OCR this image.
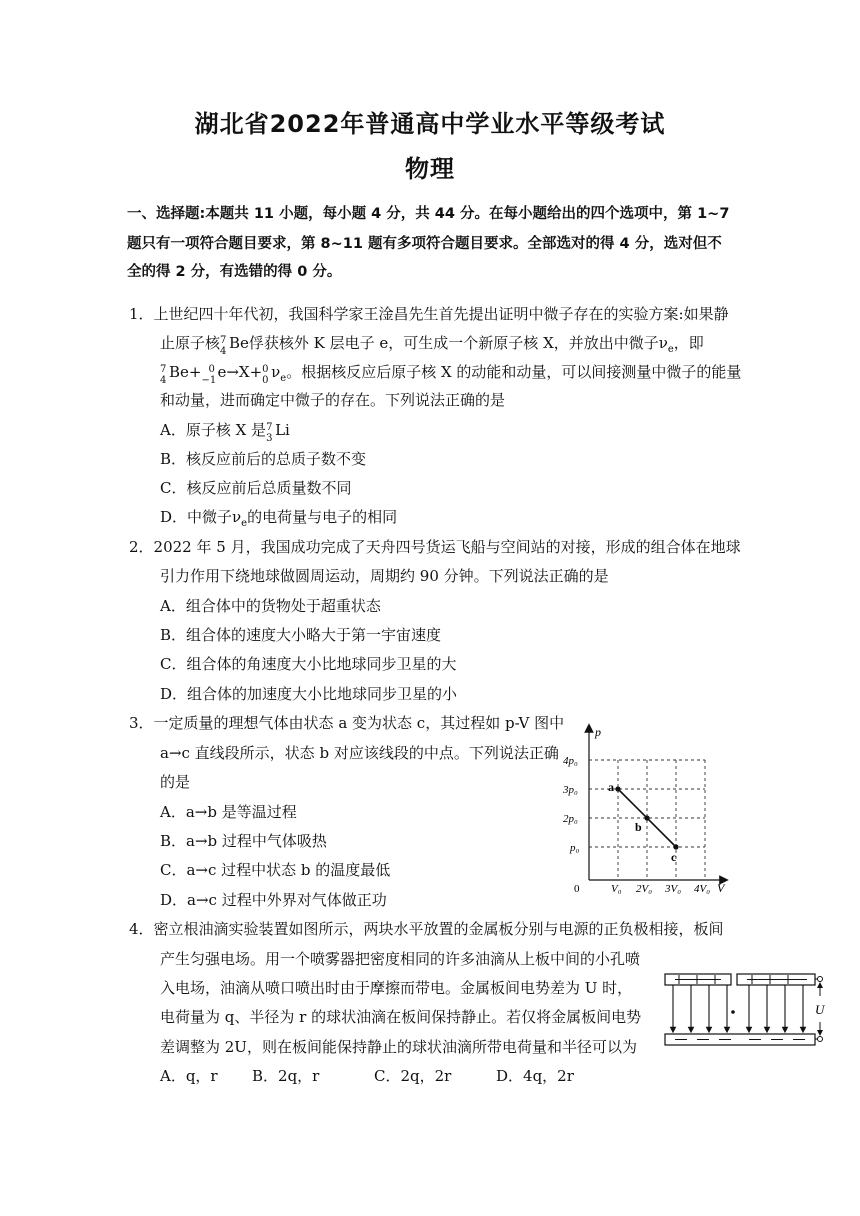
湖北省2022年普通高中学业水平等级考试
物理
一、选择题:本题共 11 小题，每小题 4 分，共 44 分。在每小题给出的四个选项中，第 1~7
题只有一项符合题目要求，第 8~11 题有多项符合题目要求。全部选对的得 4 分，选对但不
全的得 2 分，有选错的得 0 分。
1．上世纪四十年代初，我国科学家王淦昌先生首先提出证明中微子存在的实验方案:如果静
止原子核 7
4 Be俘获核外 K 层电子 e，可生成一个新原子核 X，并放出中微子$\nu_e$，即
7
4 Be+ 0
−1 e→X+ 0
0 $\nu_e$。根据核反应后原子核 X 的动能和动量，可以间接测量中微子的能量
和动量，进而确定中微子的存在。下列说法正确的是
A．原子核 X 是 7
3 Li
B．核反应前后的总质子数不变
C．核反应前后总质量数不同
D．中微子$\nu_e$的电荷量与电子的相同
2．2022 年 5 月，我国成功完成了天舟四号货运飞船与空间站的对接，形成的组合体在地球
引力作用下绕地球做圆周运动，周期约 90 分钟。下列说法正确的是
A．组合体中的货物处于超重状态
B．组合体的速度大小略大于第一宇宙速度
C．组合体的角速度大小比地球同步卫星的大
D．组合体的加速度大小比地球同步卫星的小
3．一定质量的理想气体由状态 a 变为状态 c，其过程如 p-V 图中
a→c 直线段所示，状态 b 对应该线段的中点。下列说法正确
的是
A．a→b 是等温过程
B．a→b 过程中气体吸热
C．a→c 过程中状态 b 的温度最低
D．a→c 过程中外界对气体做正功
p
V
0
4p₀
3p₀
2p₀
p₀
V₀ 2V₀ 3V₀ 4V₀
a
b
c
4．密立根油滴实验装置如图所示，两块水平放置的金属板分别与电源的正负极相接，板间
产生匀强电场。用一个喷雾器把密度相同的许多油滴从上板中间的小孔喷
入电场，油滴从喷口喷出时由于摩擦而带电。金属板间电势差为 U 时，
电荷量为 q、半径为 r 的球状油滴在板间保持静止。若仅将金属板间电势
差调整为 2U，则在板间能保持静止的球状油滴所带电荷量和半径可以为
A．q，r B．2q，r	C．2q，2r	D．4q，2r
U
